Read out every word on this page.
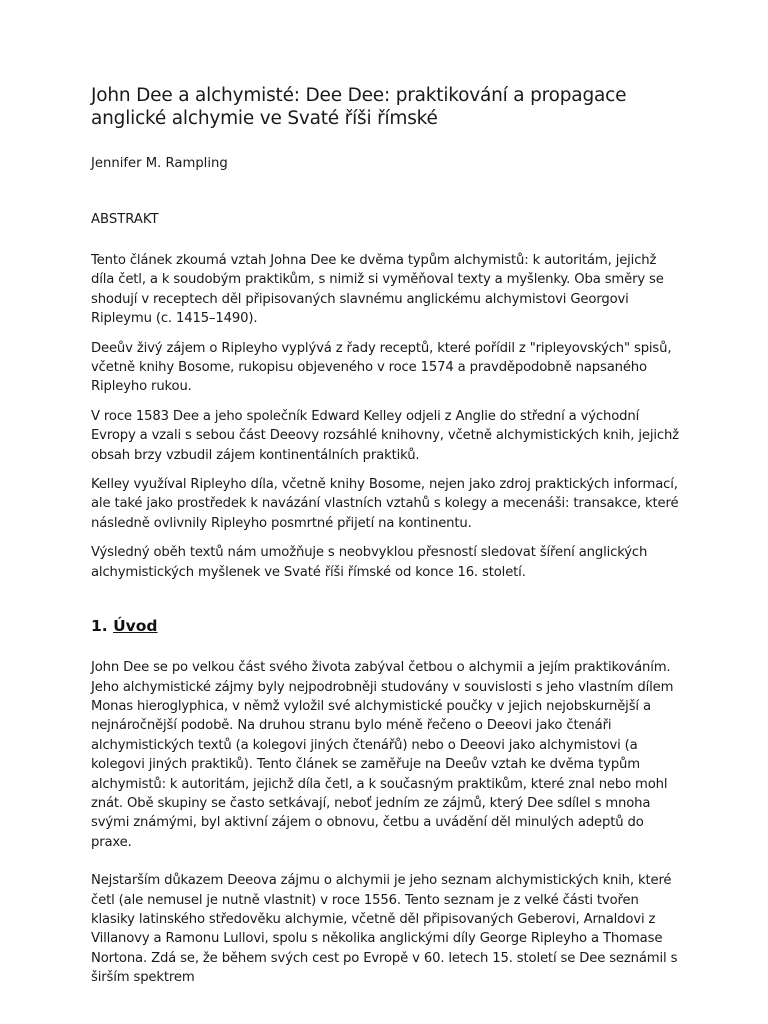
John Dee a alchymisté: Dee Dee: praktikování a propagace anglické alchymie ve Svaté říši římské
Jennifer M. Rampling
ABSTRAKT

Tento článek zkoumá vztah Johna Dee ke dvěma typům alchymistů: k autoritám, jejichž díla četl, a k soudobým praktikům, s nimiž si vyměňoval texty a myšlenky. Oba směry se shodují v receptech děl připisovaných slavnému anglickému alchymistovi Georgovi Ripleymu (c. 1415–1490).

Deeův živý zájem o Ripleyho vyplývá z řady receptů, které pořídil z "ripleyovských" spisů, včetně knihy Bosome, rukopisu objeveného v roce 1574 a pravděpodobně napsaného Ripleyho rukou.

V roce 1583 Dee a jeho společník Edward Kelley odjeli z Anglie do střední a východní Evropy a vzali s sebou část Deeovy rozsáhlé knihovny, včetně alchymistických knih, jejichž obsah brzy vzbudil zájem kontinentálních praktiků.

Kelley využíval Ripleyho díla, včetně knihy Bosome, nejen jako zdroj praktických informací, ale také jako prostředek k navázání vlastních vztahů s kolegy a mecenáši: transakce, které následně ovlivnily Ripleyho posmrtné přijetí na kontinentu.

Výsledný oběh textů nám umožňuje s neobvyklou přesností sledovat šíření anglických alchymistických myšlenek ve Svaté říši římské od konce 16. století.

1. Úvod

John Dee se po velkou část svého života zabýval četbou o alchymii a jejím praktikováním. Jeho alchymistické zájmy byly nejpodrobněji studovány v souvislosti s jeho vlastním dílem Monas hieroglyphica, v němž vyložil své alchymistické poučky v jejich nejobskurnější a nejnáročnější podobě. Na druhou stranu bylo méně řečeno o Deeovi jako čtenáři alchymistických textů (a kolegovi jiných čtenářů) nebo o Deeovi jako alchymistovi (a kolegovi jiných praktiků). Tento článek se zaměřuje na Deeův vztah ke dvěma typům alchymistů: k autoritám, jejichž díla četl, a k současným praktikům, které znal nebo mohl znát. Obě skupiny se často setkávají, neboť jedním ze zájmů, který Dee sdílel s mnoha svými známými, byl aktivní zájem o obnovu, četbu a uvádění děl minulých adeptů do praxe.

Nejstarším důkazem Deeova zájmu o alchymii je jeho seznam alchymistických knih, které četl (ale nemusel je nutně vlastnit) v roce 1556. Tento seznam je z velké části tvořen klasiky latinského středověku alchymie, včetně děl připisovaných Geberovi, Arnaldovi z Villanovy a Ramonu Lullovi, spolu s několika anglickými díly George Ripleyho a Thomase Nortona. Zdá se, že během svých cest po Evropě v 60. letech 15. století se Dee seznámil s širším spektrem
